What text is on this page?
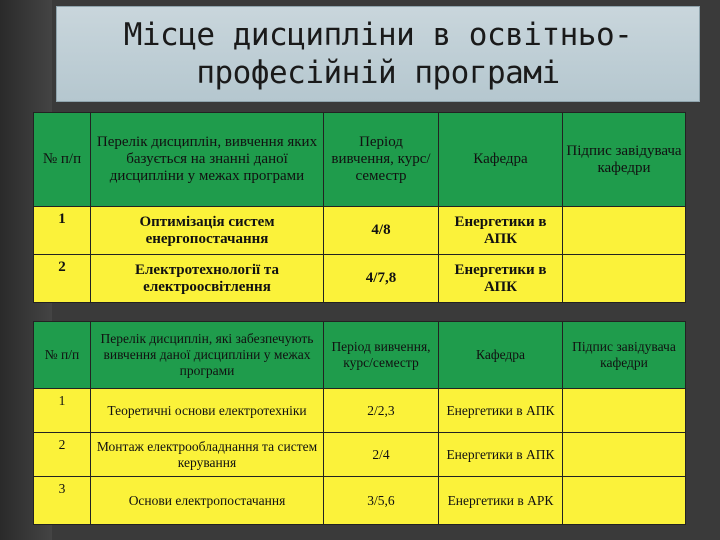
Місце дисципліни в освітньо-
професійній програмі
№ п/п	Перелік дисциплін, вивчення яких базується на знанні даної дисципліни у межах програми	Період вивчення, курс/семестр	Кафедра	Підпис завідувача кафедри
1	Оптимізація систем енергопостачання	4/8	Енергетики в АПК	
2	Електротехнології та електроосвітлення	4/7,8	Енергетики в АПК	
№ п/п	Перелік дисциплін, які забезпечують вивчення даної дисципліни у межах програми	Період вивчення, курс/семестр	Кафедра	Підпис завідувача кафедри
1	Теоретичні основи електротехніки	2/2,3	Енергетики в АПК	
2	Монтаж електрообладнання та систем керування	2/4	Енергетики в АПК	
3	Основи електропостачання	3/5,6	Енергетики в АРК	
